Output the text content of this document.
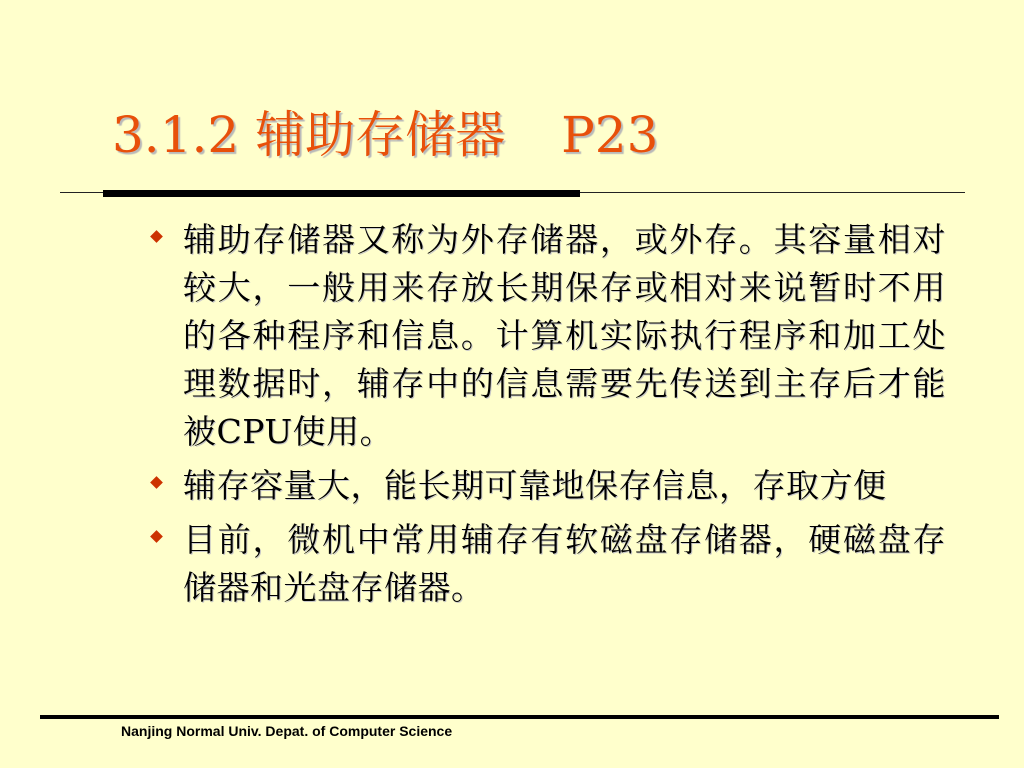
3.1.2 辅助存储器 P23
辅助存储器又称为外存储器，或外存。其容量相对较大，一般用来存放长期保存或相对来说暂时不用的各种程序和信息。计算机实际执行程序和加工处理数据时，辅存中的信息需要先传送到主存后才能被CPU使用。
辅存容量大，能长期可靠地保存信息，存取方便
目前，微机中常用辅存有软磁盘存储器，硬磁盘存储器和光盘存储器。
Nanjing Normal Univ. Depat. of Computer Science
